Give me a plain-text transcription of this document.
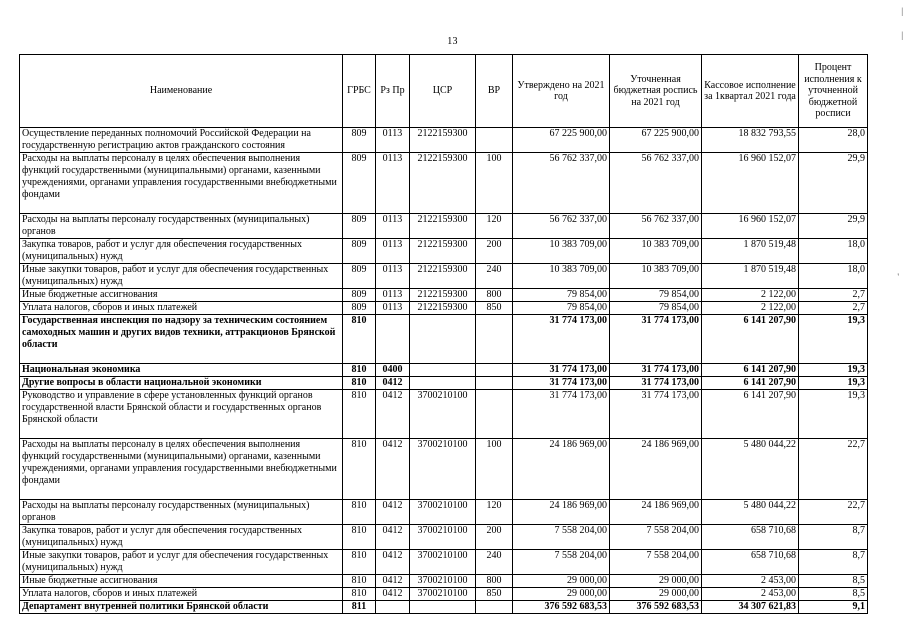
13
|
|
'
Наименование	ГРБС	Рз Пр	ЦСР	ВР	Утверждено на 2021 год	Уточненная бюджетная роспись на 2021 год	Кассовое исполнение за 1квартал 2021 года	Процент исполнения к уточненной бюджетной росписи
Осуществление переданных полномочий Российской Федерации на государственную регистрацию актов гражданского состояния	809	0113	2122159300		67 225 900,00	67 225 900,00	18 832 793,55	28,0
Расходы на выплаты персоналу в целях обеспечения выполнения функций государственными (муниципальными) органами, казенными учреждениями, органами управления государственными внебюджетными фондами	809	0113	2122159300	100	56 762 337,00	56 762 337,00	16 960 152,07	29,9
Расходы на выплаты персоналу государственных (муниципальных) органов	809	0113	2122159300	120	56 762 337,00	56 762 337,00	16 960 152,07	29,9
Закупка товаров, работ и услуг для обеспечения государственных (муниципальных) нужд	809	0113	2122159300	200	10 383 709,00	10 383 709,00	1 870 519,48	18,0
Иные закупки товаров, работ и услуг для обеспечения государственных (муниципальных) нужд	809	0113	2122159300	240	10 383 709,00	10 383 709,00	1 870 519,48	18,0
Иные бюджетные ассигнования	809	0113	2122159300	800	79 854,00	79 854,00	2 122,00	2,7
Уплата налогов, сборов и иных платежей	809	0113	2122159300	850	79 854,00	79 854,00	2 122,00	2,7
Государственная инспекция по надзору за техническим состоянием самоходных машин и других видов техники, аттракционов Брянской области	810				31 774 173,00	31 774 173,00	6 141 207,90	19,3
Национальная экономика	810	0400			31 774 173,00	31 774 173,00	6 141 207,90	19,3
Другие вопросы в области национальной экономики	810	0412			31 774 173,00	31 774 173,00	6 141 207,90	19,3
Руководство и управление в сфере установленных функций органов государственной власти Брянской области и государственных органов Брянской области	810	0412	3700210100		31 774 173,00	31 774 173,00	6 141 207,90	19,3
Расходы на выплаты персоналу в целях обеспечения выполнения функций государственными (муниципальными) органами, казенными учреждениями, органами управления государственными внебюджетными фондами	810	0412	3700210100	100	24 186 969,00	24 186 969,00	5 480 044,22	22,7
Расходы на выплаты персоналу государственных (муниципальных) органов	810	0412	3700210100	120	24 186 969,00	24 186 969,00	5 480 044,22	22,7
Закупка товаров, работ и услуг для обеспечения государственных (муниципальных) нужд	810	0412	3700210100	200	7 558 204,00	7 558 204,00	658 710,68	8,7
Иные закупки товаров, работ и услуг для обеспечения государственных (муниципальных) нужд	810	0412	3700210100	240	7 558 204,00	7 558 204,00	658 710,68	8,7
Иные бюджетные ассигнования	810	0412	3700210100	800	29 000,00	29 000,00	2 453,00	8,5
Уплата налогов, сборов и иных платежей	810	0412	3700210100	850	29 000,00	29 000,00	2 453,00	8,5
Департамент внутренней политики Брянской области	811				376 592 683,53	376 592 683,53	34 307 621,83	9,1
